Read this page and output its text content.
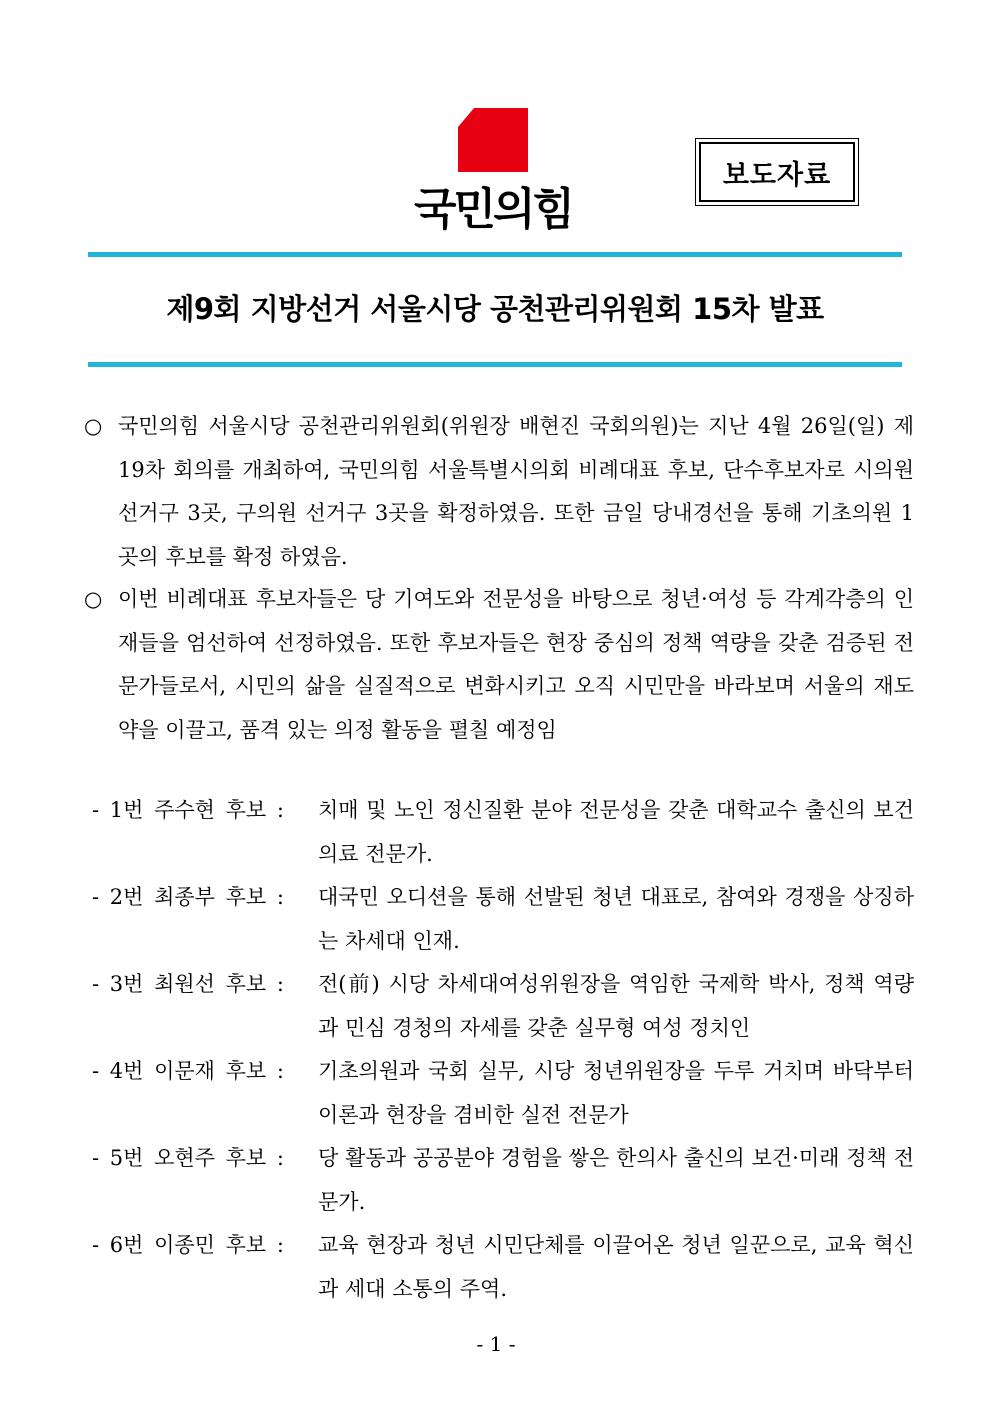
국민의힘
보도자료
제9회 지방선거 서울시당 공천관리위원회 15차 발표
○ 국민의힘 서울시당 공천관리위원회(위원장 배현진 국회의원)는 지난 4월 26일(일) 제19차 회의를 개최하여, 국민의힘 서울특별시의회 비례대표 후보, 단수후보자로 시의원 선거구 3곳, 구의원 선거구 3곳을 확정하였음. 또한 금일 당내경선을 통해 기초의원 1곳의 후보를 확정 하였음.
○ 이번 비례대표 후보자들은 당 기여도와 전문성을 바탕으로 청년·여성 등 각계각층의 인재들을 엄선하여 선정하였음. 또한 후보자들은 현장 중심의 정책 역량을 갖춘 검증된 전문가들로서, 시민의 삶을 실질적으로 변화시키고 오직 시민만을 바라보며 서울의 재도약을 이끌고, 품격 있는 의정 활동을 펼칠 예정임
- 1번 주수현 후보 :	치매 및 노인 정신질환 분야 전문성을 갖춘 대학교수 출신의 보건의료 전문가.
- 2번 최종부 후보 :	대국민 오디션을 통해 선발된 청년 대표로, 참여와 경쟁을 상징하는 차세대 인재.
- 3번 최원선 후보 :	전(前) 시당 차세대여성위원장을 역임한 국제학 박사, 정책 역량과 민심 경청의 자세를 갖춘 실무형 여성 정치인
- 4번 이문재 후보 :	기초의원과 국회 실무, 시당 청년위원장을 두루 거치며 바닥부터 이론과 현장을 겸비한 실전 전문가
- 5번 오현주 후보 :	당 활동과 공공분야 경험을 쌓은 한의사 출신의 보건·미래 정책 전문가.
- 6번 이종민 후보 :	교육 현장과 청년 시민단체를 이끌어온 청년 일꾼으로, 교육 혁신과 세대 소통의 주역.
- 1 -
